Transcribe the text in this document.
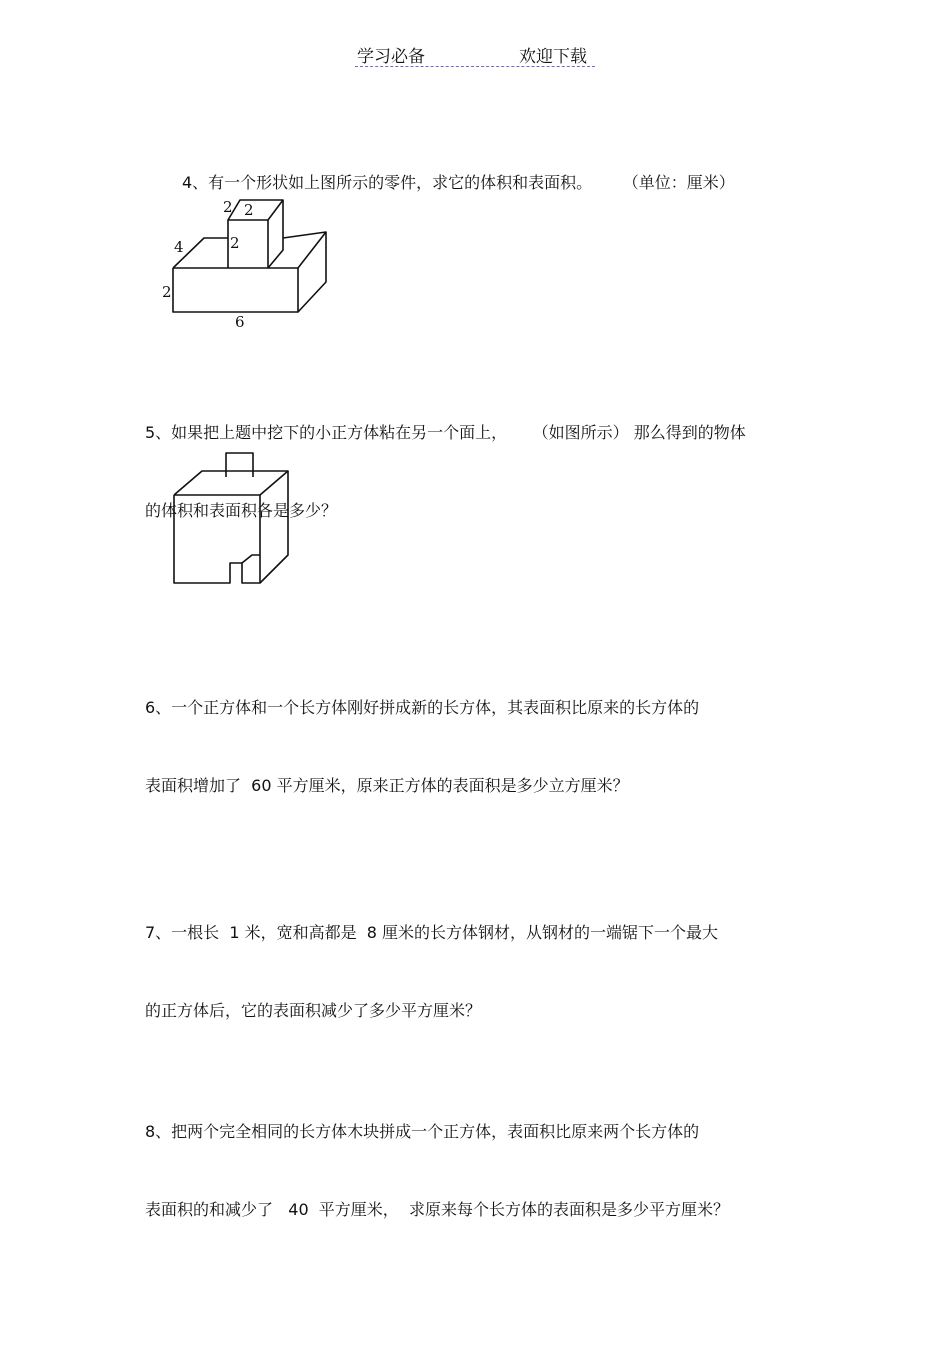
学习必备	欢迎下载

4、有一个形状如上图所示的零件，求它的体积和表面积。      （单位：厘米）

2 2
2
4
2
6

5、如果把上题中挖下的小正方体粘在另一个面上，     （如图所示） 那么得到的物体

的体积和表面积各是多少？

6、一个正方体和一个长方体刚好拼成新的长方体，其表面积比原来的长方体的

表面积增加了  60 平方厘米，原来正方体的表面积是多少立方厘米？

7、一根长  1 米，宽和高都是  8 厘米的长方体钢材，从钢材的一端锯下一个最大

的正方体后，它的表面积减少了多少平方厘米？

8、把两个完全相同的长方体木块拼成一个正方体，表面积比原来两个长方体的

表面积的和减少了   40  平方厘米，  求原来每个长方体的表面积是多少平方厘米？
